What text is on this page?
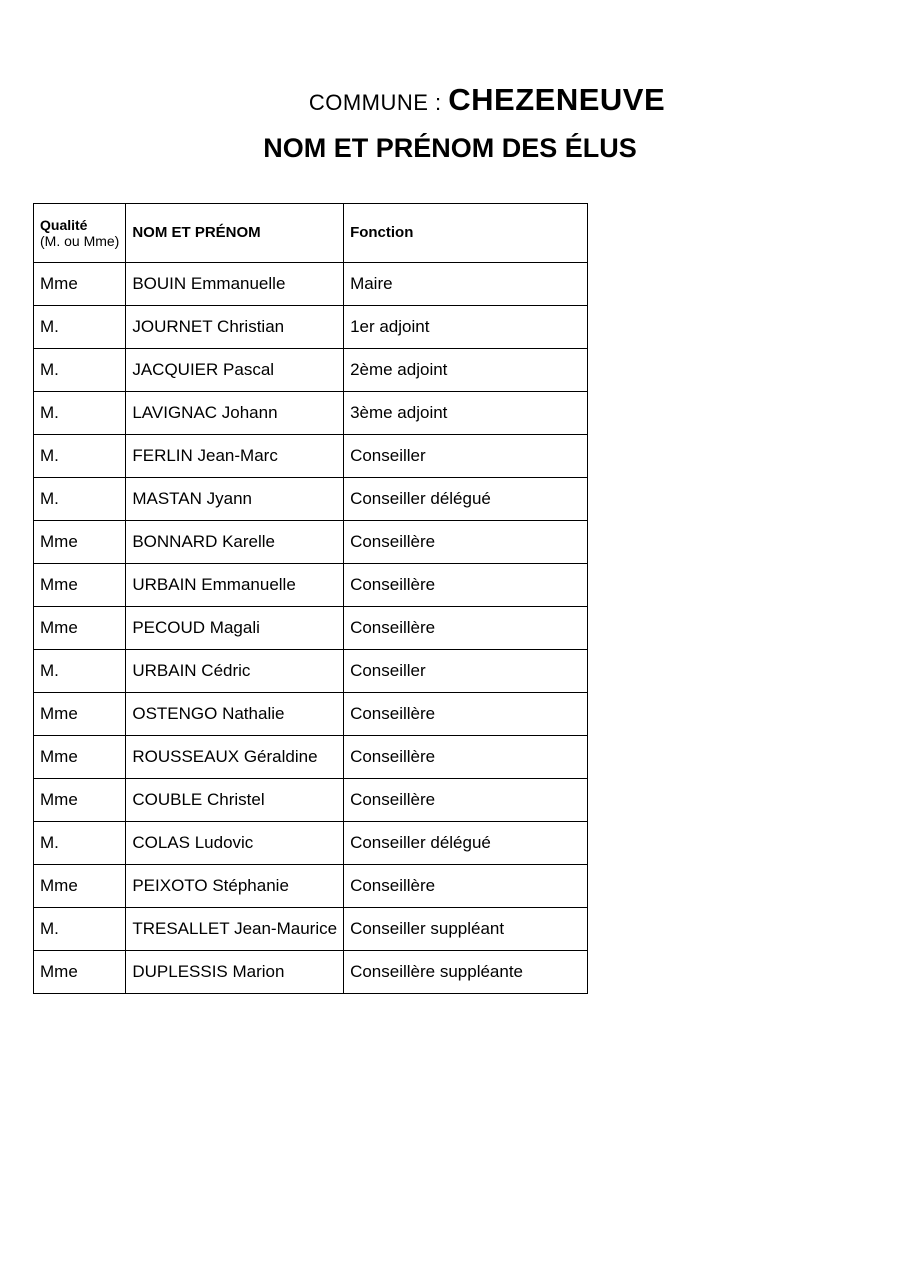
COMMUNE : CHEZENEUVE
NOM ET PRÉNOM DES ÉLUS
Qualité
(M. ou Mme)	NOM ET PRÉNOM	Fonction
Mme	BOUIN Emmanuelle	Maire
M.	JOURNET Christian	1er adjoint
M.	JACQUIER Pascal	2ème adjoint
M.	LAVIGNAC Johann	3ème adjoint
M.	FERLIN Jean-Marc	Conseiller
M.	MASTAN Jyann	Conseiller délégué
Mme	BONNARD Karelle	Conseillère
Mme	URBAIN Emmanuelle	Conseillère
Mme	PECOUD Magali	Conseillère
M.	URBAIN Cédric	Conseiller
Mme	OSTENGO Nathalie	Conseillère
Mme	ROUSSEAUX Géraldine	Conseillère
Mme	COUBLE Christel	Conseillère
M.	COLAS Ludovic	Conseiller délégué
Mme	PEIXOTO Stéphanie	Conseillère
M.	TRESALLET Jean-Maurice	Conseiller suppléant
Mme	DUPLESSIS Marion	Conseillère suppléante
